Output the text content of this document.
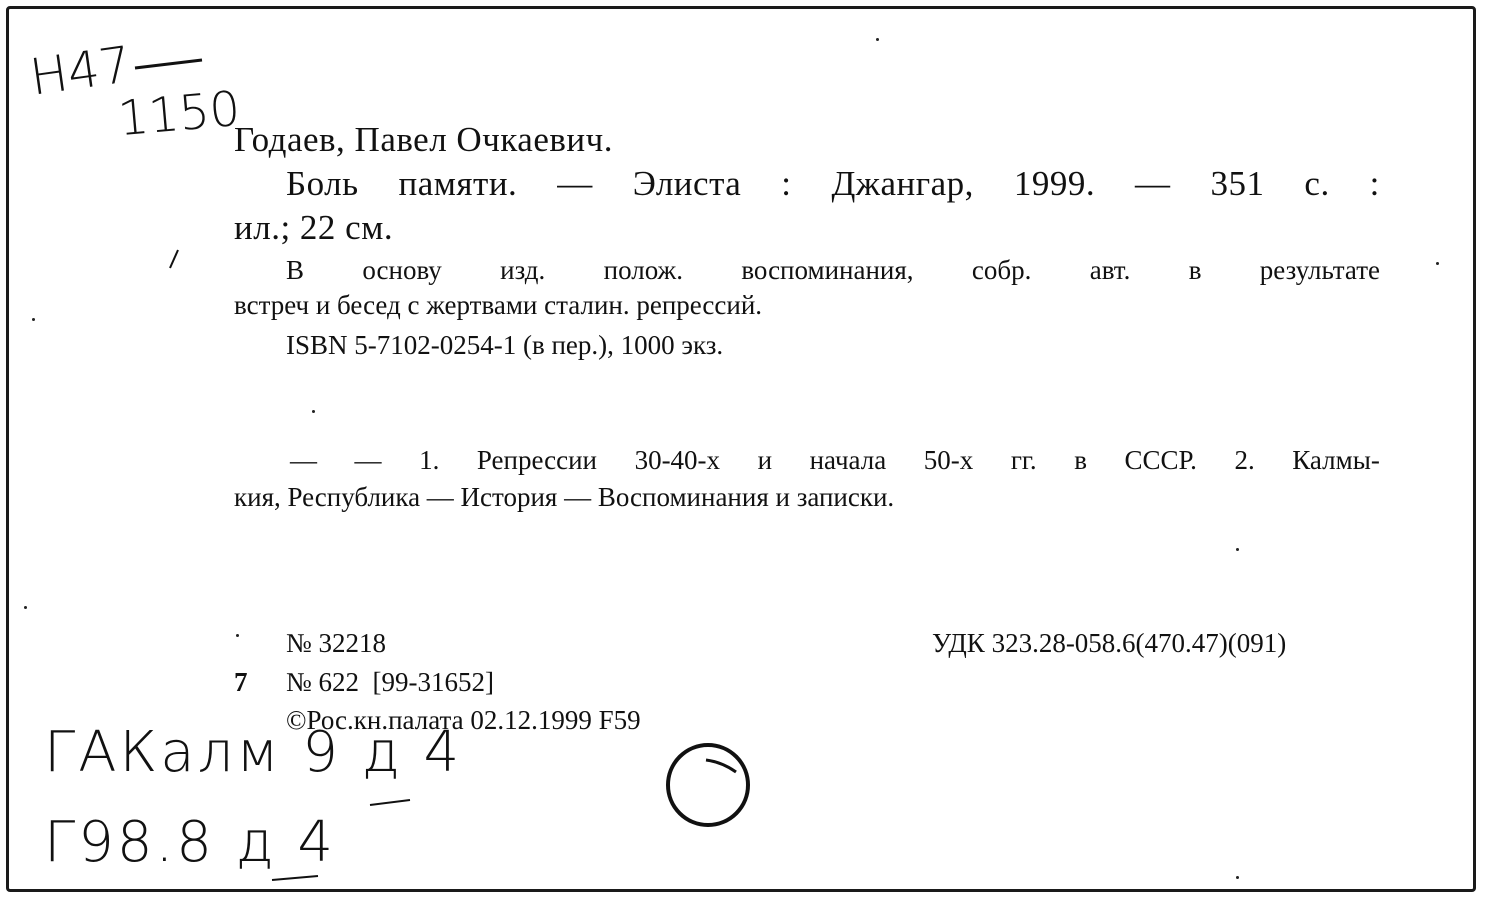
Н47
1150
ГАКалм 9 д 4
Г98.8 д 4
Годаев, Павел Очкаевич.
Боль памяти. — Элиста : Джангар, 1999. — 351 с. :
ил.; 22 см.
В основу изд. полож. воспоминания, собр. авт. в результате
встреч и бесед с жертвами сталин. репрессий.
ISBN 5-7102-0254-1 (в пер.), 1000 экз.
— — 1. Репрессии 30-40-х и начала 50-х гг. в СССР. 2. Калмы-
кия, Республика — История — Воспоминания и записки.
№ 32218	УДК 323.28-058.6(470.47)(091)
7 № 622  [99-31652]
©Рос.кн.палата 02.12.1999 F59
